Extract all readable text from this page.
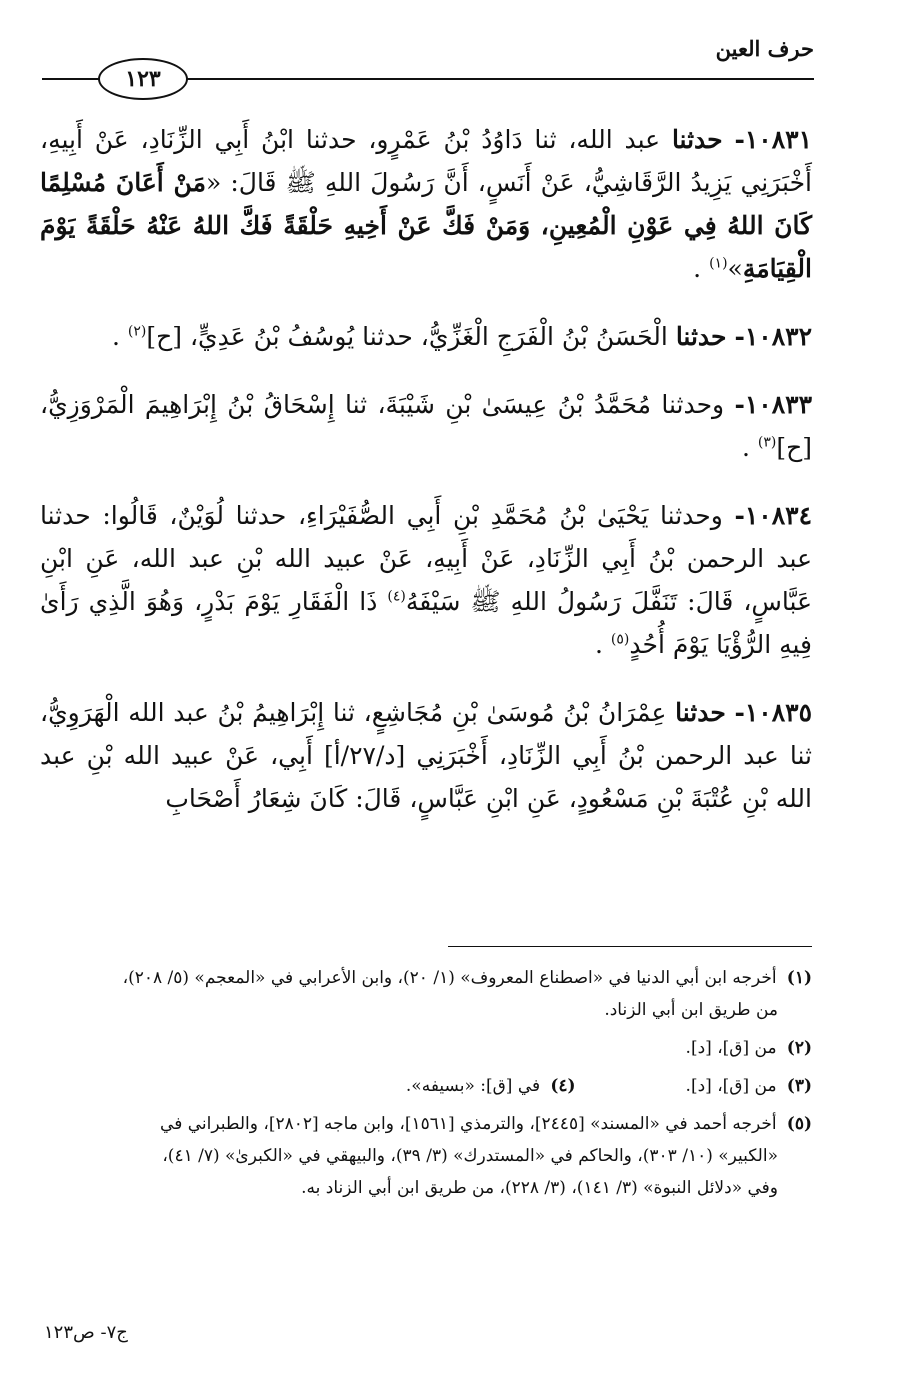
حرف العين
١٢٣

١٠٨٣١- حدثنا عبد الله، ثنا دَاوُدُ بْنُ عَمْرٍو، حدثنا ابْنُ أَبِي الزِّنَادِ، عَنْ أَبِيهِ، أَخْبَرَنِي يَزِيدُ الرَّقَاشِيُّ، عَنْ أَنَسٍ، أَنَّ رَسُولَ اللهِ ﷺ قَالَ: «مَنْ أَعَانَ مُسْلِمًا كَانَ اللهُ فِي عَوْنِ الْمُعِينِ، وَمَنْ فَكَّ عَنْ أَخِيهِ حَلْقَةً فَكَّ اللهُ عَنْهُ حَلْقَةً يَوْمَ الْقِيَامَةِ»$^{(١)}$ .

١٠٨٣٢- حدثنا الْحَسَنُ بْنُ الْفَرَجِ الْغَزِّيُّ، حدثنا يُوسُفُ بْنُ عَدِيٍّ، [ح]$^{(٢)}$ .

١٠٨٣٣- وحدثنا مُحَمَّدُ بْنُ عِيسَىٰ بْنِ شَيْبَةَ، ثنا إِسْحَاقُ بْنُ إِبْرَاهِيمَ الْمَرْوَزِيُّ، [ح]$^{(٣)}$ .

١٠٨٣٤- وحدثنا يَحْيَىٰ بْنُ مُحَمَّدِ بْنِ أَبِي الصُّفَيْرَاءِ، حدثنا لُوَيْنٌ، قَالُوا: حدثنا عبد الرحمن بْنُ أَبِي الزِّنَادِ، عَنْ أَبِيهِ، عَنْ عبيد الله بْنِ عبد الله، عَنِ ابْنِ عَبَّاسٍ، قَالَ: تَنَفَّلَ رَسُولُ اللهِ ﷺ سَيْفَهُ$^{(٤)}$ ذَا الْفَقَارِ يَوْمَ بَدْرٍ، وَهُوَ الَّذِي رَأَىٰ فِيهِ الرُّؤْيَا يَوْمَ أُحُدٍ$^{(٥)}$ .

١٠٨٣٥- حدثنا عِمْرَانُ بْنُ مُوسَىٰ بْنِ مُجَاشِعٍ، ثنا إِبْرَاهِيمُ بْنُ عبد الله الْهَرَوِيُّ، ثنا عبد الرحمن بْنُ أَبِي الزِّنَادِ، أَخْبَرَنِي [د/٢٧/أ] أَبِي، عَنْ عبيد الله بْنِ عبد الله بْنِ عُتْبَةَ بْنِ مَسْعُودٍ، عَنِ ابْنِ عَبَّاسٍ، قَالَ: كَانَ شِعَارُ أَصْحَابِ

(١) أخرجه ابن أبي الدنيا في «اصطناع المعروف» (١/ ٢٠)، وابن الأعرابي في «المعجم» (٥/ ٢٠٨)،
من طريق ابن أبي الزناد.
(٢) من [ق]، [د].
(٣) من [ق]، [د].
(٤) في [ق]: «بسيفه».
(٥) أخرجه أحمد في «المسند» [٢٤٤٥]، والترمذي [١٥٦١]، وابن ماجه [٢٨٠٢]، والطبراني في
«الكبير» (١٠/ ٣٠٣)، والحاكم في «المستدرك» (٣/ ٣٩)، والبيهقي في «الكبرىٰ» (٧/ ٤١)،
وفي «دلائل النبوة» (٣/ ١٤١)، (٣/ ٢٢٨)، من طريق ابن أبي الزناد به.
ج٧- ص١٢٣
